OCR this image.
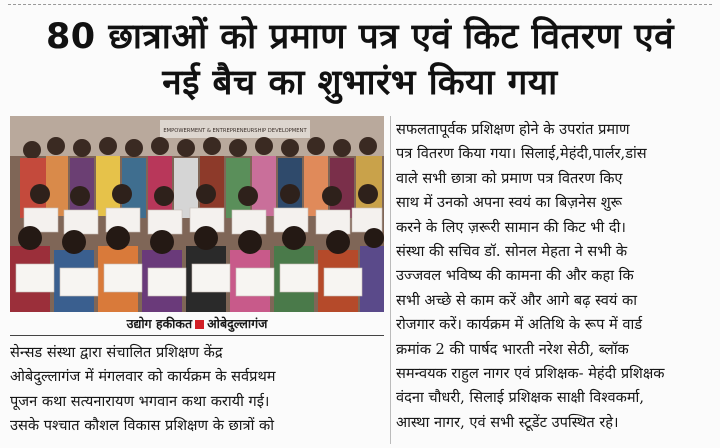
80 छात्राओं को प्रमाण पत्र एवं किट वितरण एवं
नई बैच का शुभारंभ किया गया
EMPOWERMENT & ENTREPRENEURSHIP DEVELOPMENT
उद्योग हकीकत ओबेदुल्लागंज
सेन्सड संस्था द्वारा संचालित प्रशिक्षण केंद्र
ओबेदुल्लागंज में मंगलवार को कार्यक्रम के सर्वप्रथम
पूजन कथा सत्यनारायण भगवान कथा करायी गई।
उसके पश्चात कौशल विकास प्रशिक्षण के छात्रों को
सफलतापूर्वक प्रशिक्षण होने के उपरांत प्रमाण
पत्र वितरण किया गया। सिलाई,मेहंदी,पार्लर,डांस
वाले सभी छात्रा को प्रमाण पत्र वितरण किए
साथ में उनको अपना स्वयं का बिज़नेस शुरू
करने के लिए ज़रूरी सामान की किट भी दी।
संस्था की सचिव डॉ. सोनल मेहता ने सभी के
उज्जवल भविष्य की कामना की और कहा कि
सभी अच्छे से काम करें और आगे बढ़ स्वयं का
रोजगार करें। कार्यक्रम में अतिथि के रूप में वार्ड
क्रमांक 2 की पार्षद भारती नरेश सेठी, ब्लॉक
समन्वयक राहुल नागर एवं प्रशिक्षक- मेहंदी प्रशिक्षक
वंदना चौधरी, सिलाई प्रशिक्षक साक्षी विश्वकर्मा,
आस्था नागर, एवं सभी स्टूडेंट उपस्थित रहे।
